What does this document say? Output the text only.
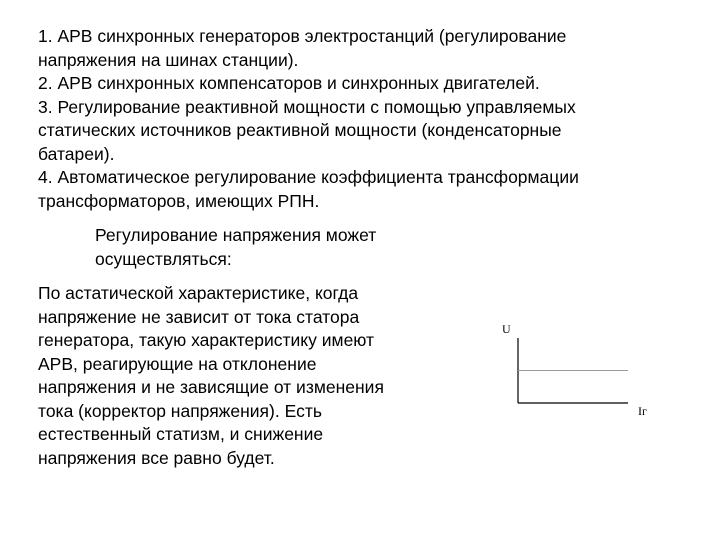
1. АРВ синхронных генераторов электростанций (регулирование
напряжения на шинах станции).
2. АРВ синхронных компенсаторов и синхронных двигателей.
3. Регулирование реактивной мощности с помощью управляемых
статических источников реактивной мощности (конденсаторные
батареи).
4. Автоматическое регулирование коэффициента трансформации
трансформаторов, имеющих РПН.
Регулирование напряжения может
осуществляться:
По астатической характеристике, когда
напряжение не зависит от тока статора
генератора, такую характеристику имеют
АРВ, реагирующие на отклонение
напряжения и не зависящие от изменения
тока (корректор напряжения). Есть
естественный статизм, и снижение
напряжения все равно будет.
U
Iг
